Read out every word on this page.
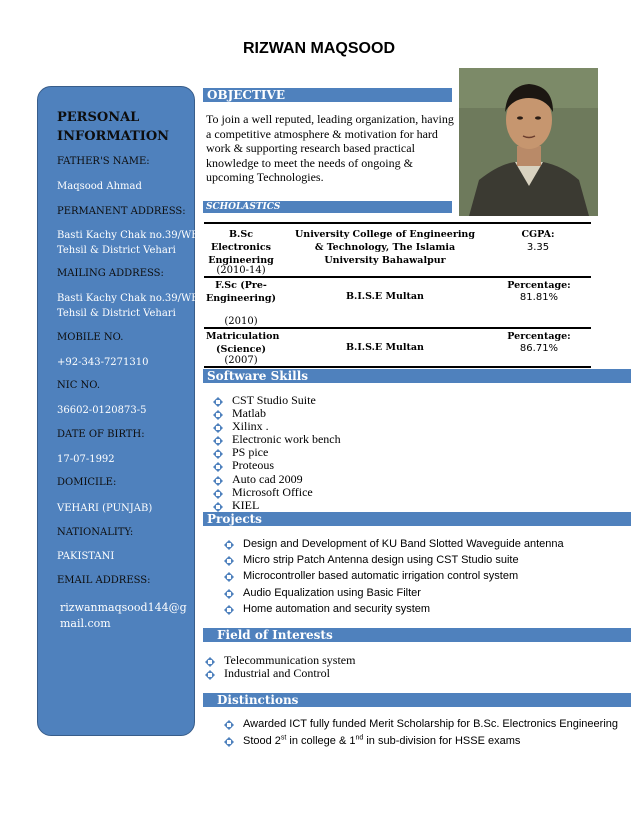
RIZWAN MAQSOOD
PERSONAL INFORMATION
FATHER'S NAME:
Maqsood Ahmad
PERMANENT ADDRESS:
Basti Kachy Chak no.39/WB
Tehsil & District Vehari
MAILING ADDRESS:
Basti Kachy Chak no.39/WB
Tehsil & District Vehari
MOBILE NO.
+92-343-7271310
NIC NO.
36602-0120873-5
DATE OF BIRTH:
17-07-1992
DOMICILE:
VEHARI (PUNJAB)
NATIONALITY:
PAKISTANI
EMAIL ADDRESS:
rizwanmaqsood144@gmail.com
OBJECTIVE
To join a well reputed, leading organization, having a competitive atmosphere & motivation for hard work & supporting research based practical knowledge to meet the needs of ongoing & upcoming Technologies.
SCHOLASTICS
B.Sc Electronics Engineering
(2010-14)
University College of Engineering & Technology, The Islamia University Bahawalpur
CGPA:
3.35
F.Sc (Pre-Engineering)
(2010)
B.I.S.E Multan
Percentage:
81.81%
Matriculation (Science)
(2007)
B.I.S.E Multan
Percentage:
86.71%
Software Skills
CST Studio Suite
Matlab
Xilinx .
Electronic work bench
PS pice
Proteous
Auto cad 2009
Microsoft Office
KIEL
Projects
Design and Development of KU Band Slotted Waveguide antenna
Micro strip Patch Antenna design using CST Studio suite
Microcontroller based automatic irrigation control system
Audio Equalization using Basic Filter
Home automation and security system
Field of Interests
Telecommunication system
Industrial and Control
Distinctions
Awarded ICT fully funded Merit Scholarship for B.Sc. Electronics Engineering
Stood 2st in college & 1nd in sub-division for HSSE exams
